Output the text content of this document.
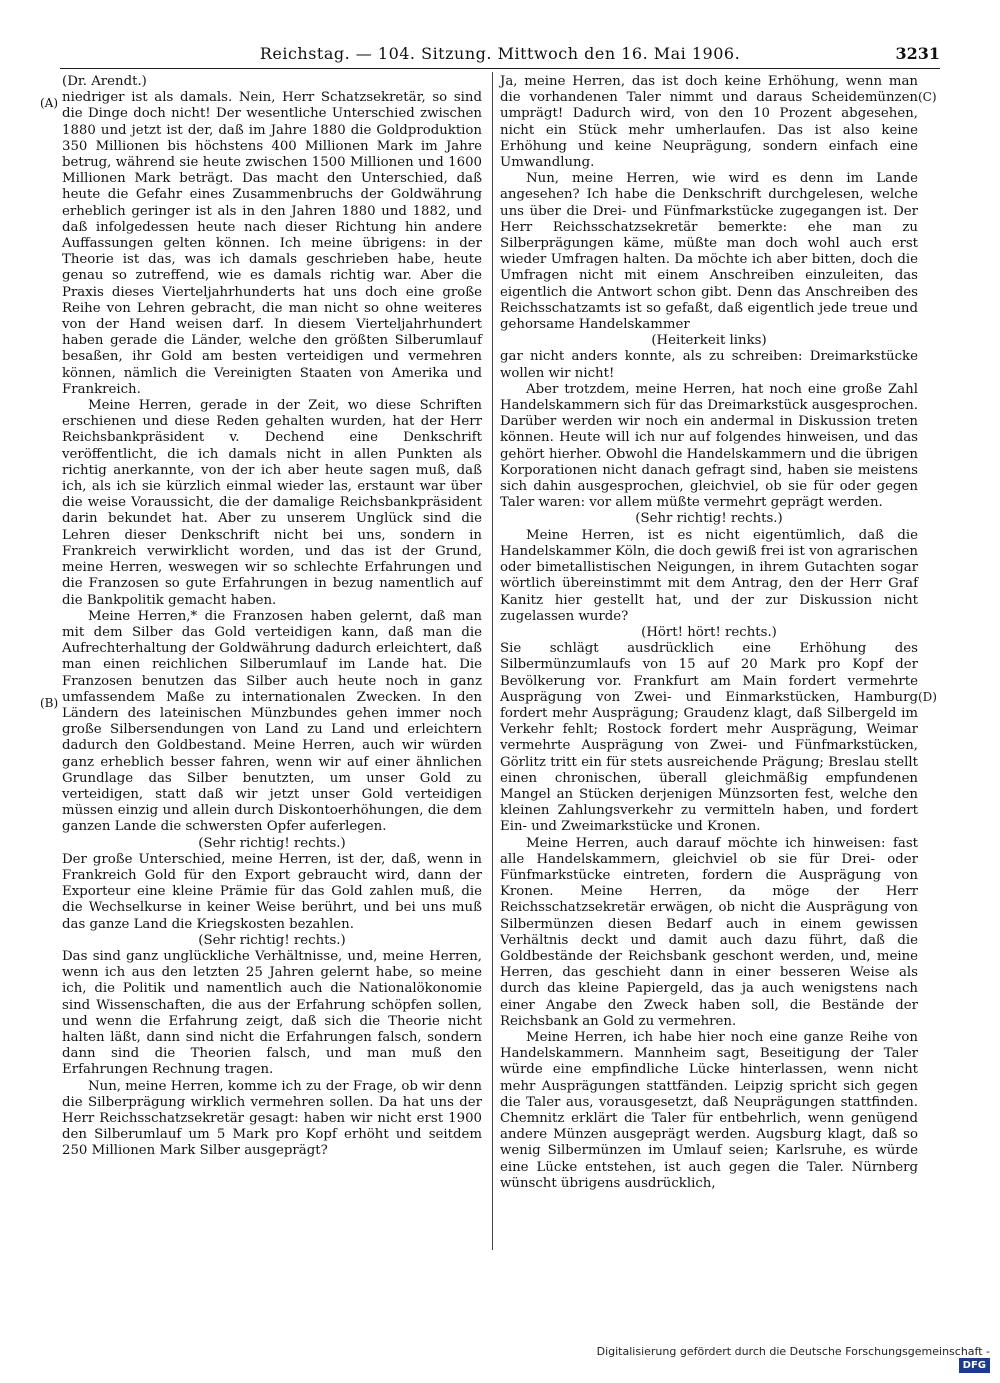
Reichstag. — 104. Sitzung. Mittwoch den 16. Mai 1906.	3231
(A)
(B)
(C)
(D)

(Dr. Arendt.)

niedriger ist als damals. Nein, Herr Schatzsekretär, so sind die Dinge doch nicht! Der wesentliche Unterschied zwischen 1880 und jetzt ist der, daß im Jahre 1880 die Goldproduktion 350 Millionen bis höchstens 400 Millionen Mark im Jahre betrug, während sie heute zwischen 1500 Millionen und 1600 Millionen Mark beträgt. Das macht den Unterschied, daß heute die Gefahr eines Zusammenbruchs der Goldwährung erheblich geringer ist als in den Jahren 1880 und 1882, und daß infolgedessen heute nach dieser Richtung hin andere Auffassungen gelten können. Ich meine übrigens: in der Theorie ist das, was ich damals geschrieben habe, heute genau so zutreffend, wie es damals richtig war. Aber die Praxis dieses Vierteljahrhunderts hat uns doch eine große Reihe von Lehren gebracht, die man nicht so ohne weiteres von der Hand weisen darf. In diesem Vierteljahrhundert haben gerade die Länder, welche den größten Silberumlauf besaßen, ihr Gold am besten verteidigen und vermehren können, nämlich die Vereinigten Staaten von Amerika und Frankreich.

Meine Herren, gerade in der Zeit, wo diese Schriften erschienen und diese Reden gehalten wurden, hat der Herr Reichsbankpräsident v. Dechend eine Denkschrift veröffentlicht, die ich damals nicht in allen Punkten als richtig anerkannte, von der ich aber heute sagen muß, daß ich, als ich sie kürzlich einmal wieder las, erstaunt war über die weise Voraussicht, die der damalige Reichsbankpräsident darin bekundet hat. Aber zu unserem Unglück sind die Lehren dieser Denkschrift nicht bei uns, sondern in Frankreich verwirklicht worden, und das ist der Grund, meine Herren, weswegen wir so schlechte Erfahrungen und die Franzosen so gute Erfahrungen in bezug namentlich auf die Bankpolitik gemacht haben.

Meine Herren,* die Franzosen haben gelernt, daß man mit dem Silber das Gold verteidigen kann, daß man die Aufrechterhaltung der Goldwährung dadurch erleichtert, daß man einen reichlichen Silberumlauf im Lande hat. Die Franzosen benutzen das Silber auch heute noch in ganz umfassendem Maße zu internationalen Zwecken. In den Ländern des lateinischen Münzbundes gehen immer noch große Silbersendungen von Land zu Land und erleichtern dadurch den Goldbestand. Meine Herren, auch wir würden ganz erheblich besser fahren, wenn wir auf einer ähnlichen Grundlage das Silber benutzten, um unser Gold zu verteidigen, statt daß wir jetzt unser Gold verteidigen müssen einzig und allein durch Diskontoerhöhungen, die dem ganzen Lande die schwersten Opfer auferlegen.

(Sehr richtig! rechts.)

Der große Unterschied, meine Herren, ist der, daß, wenn in Frankreich Gold für den Export gebraucht wird, dann der Exporteur eine kleine Prämie für das Gold zahlen muß, die die Wechselkurse in keiner Weise berührt, und bei uns muß das ganze Land die Kriegskosten bezahlen.

(Sehr richtig! rechts.)

Das sind ganz unglückliche Verhältnisse, und, meine Herren, wenn ich aus den letzten 25 Jahren gelernt habe, so meine ich, die Politik und namentlich auch die Nationalökonomie sind Wissenschaften, die aus der Erfahrung schöpfen sollen, und wenn die Erfahrung zeigt, daß sich die Theorie nicht halten läßt, dann sind nicht die Erfahrungen falsch, sondern dann sind die Theorien falsch, und man muß den Erfahrungen Rechnung tragen.

Nun, meine Herren, komme ich zu der Frage, ob wir denn die Silberprägung wirklich vermehren sollen. Da hat uns der Herr Reichsschatzsekretär gesagt: haben wir nicht erst 1900 den Silberumlauf um 5 Mark pro Kopf erhöht und seitdem 250 Millionen Mark Silber ausgeprägt?

Ja, meine Herren, das ist doch keine Erhöhung, wenn man die vorhandenen Taler nimmt und daraus Scheidemünzen umprägt! Dadurch wird, von den 10 Prozent abgesehen, nicht ein Stück mehr umherlaufen. Das ist also keine Erhöhung und keine Neuprägung, sondern einfach eine Umwandlung.

Nun, meine Herren, wie wird es denn im Lande angesehen? Ich habe die Denkschrift durchgelesen, welche uns über die Drei- und Fünfmarkstücke zugegangen ist. Der Herr Reichsschatzsekretär bemerkte: ehe man zu Silberprägungen käme, müßte man doch wohl auch erst wieder Umfragen halten. Da möchte ich aber bitten, doch die Umfragen nicht mit einem Anschreiben einzuleiten, das eigentlich die Antwort schon gibt. Denn das Anschreiben des Reichsschatzamts ist so gefaßt, daß eigentlich jede treue und gehorsame Handelskammer

(Heiterkeit links)

gar nicht anders konnte, als zu schreiben: Dreimarkstücke wollen wir nicht!

Aber trotzdem, meine Herren, hat noch eine große Zahl Handelskammern sich für das Dreimarkstück ausgesprochen. Darüber werden wir noch ein andermal in Diskussion treten können. Heute will ich nur auf folgendes hinweisen, und das gehört hierher. Obwohl die Handelskammern und die übrigen Korporationen nicht danach gefragt sind, haben sie meistens sich dahin ausgesprochen, gleichviel, ob sie für oder gegen Taler waren: vor allem müßte vermehrt geprägt werden.

(Sehr richtig! rechts.)

Meine Herren, ist es nicht eigentümlich, daß die Handelskammer Köln, die doch gewiß frei ist von agrarischen oder bimetallistischen Neigungen, in ihrem Gutachten sogar wörtlich übereinstimmt mit dem Antrag, den der Herr Graf Kanitz hier gestellt hat, und der zur Diskussion nicht zugelassen wurde?

(Hört! hört! rechts.)

Sie schlägt ausdrücklich eine Erhöhung des Silbermünzumlaufs von 15 auf 20 Mark pro Kopf der Bevölkerung vor. Frankfurt am Main fordert vermehrte Ausprägung von Zwei- und Einmarkstücken, Hamburg fordert mehr Ausprägung; Graudenz klagt, daß Silbergeld im Verkehr fehlt; Rostock fordert mehr Ausprägung, Weimar vermehrte Ausprägung von Zwei- und Fünfmarkstücken, Görlitz tritt ein für stets ausreichende Prägung; Breslau stellt einen chronischen, überall gleichmäßig empfundenen Mangel an Stücken derjenigen Münzsorten fest, welche den kleinen Zahlungsverkehr zu vermitteln haben, und fordert Ein- und Zweimarkstücke und Kronen.

Meine Herren, auch darauf möchte ich hinweisen: fast alle Handelskammern, gleichviel ob sie für Drei- oder Fünfmarkstücke eintreten, fordern die Ausprägung von Kronen. Meine Herren, da möge der Herr Reichsschatzsekretär erwägen, ob nicht die Ausprägung von Silbermünzen diesen Bedarf auch in einem gewissen Verhältnis deckt und damit auch dazu führt, daß die Goldbestände der Reichsbank geschont werden, und, meine Herren, das geschieht dann in einer besseren Weise als durch das kleine Papiergeld, das ja auch wenigstens nach einer Angabe den Zweck haben soll, die Bestände der Reichsbank an Gold zu vermehren.

Meine Herren, ich habe hier noch eine ganze Reihe von Handelskammern. Mannheim sagt, Beseitigung der Taler würde eine empfindliche Lücke hinterlassen, wenn nicht mehr Ausprägungen stattfänden. Leipzig spricht sich gegen die Taler aus, vorausgesetzt, daß Neuprägungen stattfinden. Chemnitz erklärt die Taler für entbehrlich, wenn genügend andere Münzen ausgeprägt werden. Augsburg klagt, daß so wenig Silbermünzen im Umlauf seien; Karlsruhe, es würde eine Lücke entstehen, ist auch gegen die Taler. Nürnberg wünscht übrigens ausdrücklich,

Digitalisierung gefördert durch die Deutsche Forschungsgemeinschaft - DFG
